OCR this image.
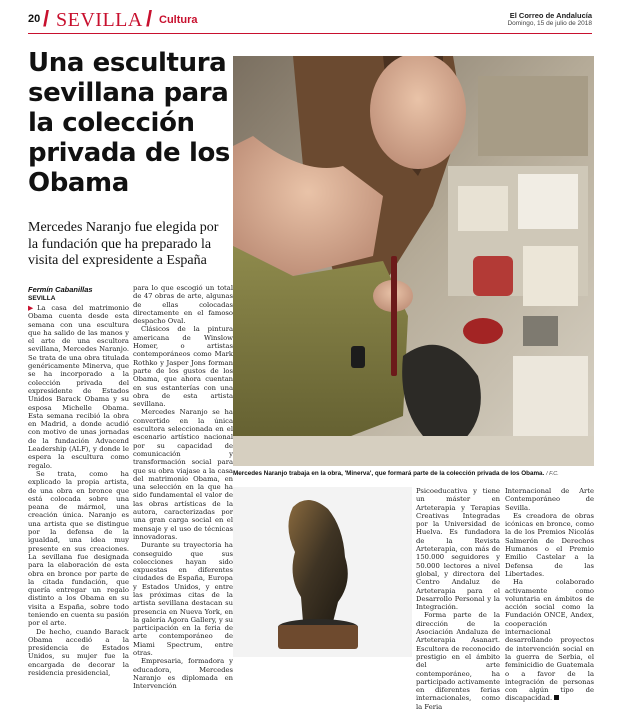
20 / SEVILLA / Cultura	El Correo de Andalucía
Domingo, 15 de julio de 2018
Una escultura sevillana para la colección privada de los Obama

Mercedes Naranjo fue elegida por la fundación que ha preparado la visita del expresidente a España

Mercedes Naranjo trabaja en la obra, 'Minerva', que formará parte de la colección privada de los Obama. / F.C.
Fermín Cabanillas
SEVILLA

▶La casa del matrimonio Obama cuenta desde esta semana con una escultura que ha salido de las manos y el arte de una escultora sevillana, Mercedes Naranjo. Se trata de una obra titulada genéricamente Minerva, que se ha incorporado a la colección privada del expresidente de Estados Unidos Barack Obama y su esposa Michelle Obama. Esta semana recibió la obra en Madrid, a donde acudió con motivo de unas jornadas de la fundación Advacend Leadership (ALF), y donde le espera la escultura como regalo.

Se trata, como ha explicado la propia artista, de una obra en bronce que está colocada sobre una peana de mármol, una creación única. Naranjo es una artista que se distingue por la defensa de la igualdad, una idea muy presente en sus creaciones. La sevillana fue designada para la elaboración de esta obra en bronce por parte de la citada fundación, que quería entregar un regalo distinto a los Obama en su visita a España, sobre todo teniendo en cuenta su pasión por el arte.

De hecho, cuando Barack Obama accedió a la presidencia de Estados Unidos, su mujer fue la encargada de decorar la residencia presidencial,

para lo que escogió un total de 47 obras de arte, algunas de ellas colocadas directamente en el famoso despacho Oval.

Clásicos de la pintura americana de Winslow Homer, o artistas contemporáneos como Mark Rothko y Jasper Jons forman parte de los gustos de los Obama, que ahora cuentan en sus estanterías con una obra de esta artista sevillana.

Mercedes Naranjo se ha convertido en la única escultora seleccionada en el escenario artístico nacional por su capacidad de comunicación y transformación social para que su obra viajase a la casa del matrimonio Obama, en una selección en la que ha sido fundamental el valor de las obras artísticas de la autora, caracterizadas por una gran carga social en el mensaje y el uso de técnicas innovadoras.

Durante su trayectoria ha conseguido que sus colecciones hayan sido expuestas en diferentes ciudades de España, Europa y Estados Unidos, y entre las próximas citas de la artista sevillana destacan su presencia en Nueva York, en la galería Agora Gallery, y su participación en la feria de arte contemporáneo de Miami Spectrum, entre otras.

Empresaria, formadora y educadora, Mercedes Naranjo es diplomada en Intervención

Psicoeducativa y tiene un máster en Arteterapia y Terapias Creativas Integradas por la Universidad de Huelva. Es fundadora de la Revista Arteterapia, con más de 150.000 seguidores y 50.000 lectores a nivel global, y directora del Centro Andaluz de Arteterapia para el Desarrollo Personal y la Integración.

Forma parte de la dirección de la Asociación Andaluza de Arteterapia Asanart. Escultora de reconocido prestigio en el ámbito del arte contemporáneo, ha participado activamente en diferentes ferias internacionales, como la Feria

Internacional de Arte Contemporáneo de Sevilla.

Es creadora de obras icónicas en bronce, como la de los Premios Nicolás Salmerón de Derechos Humanos o el Premio Emilio Castelar a la Defensa de las Libertades.

Ha colaborado activamente como voluntaria en ámbitos de acción social como la Fundación ONCE, Andex, cooperación internacional desarrollando proyectos de intervención social en la guerra de Serbia, el feminicidio de Guatemala o a favor de la integración de personas con algún tipo de discapacidad.
